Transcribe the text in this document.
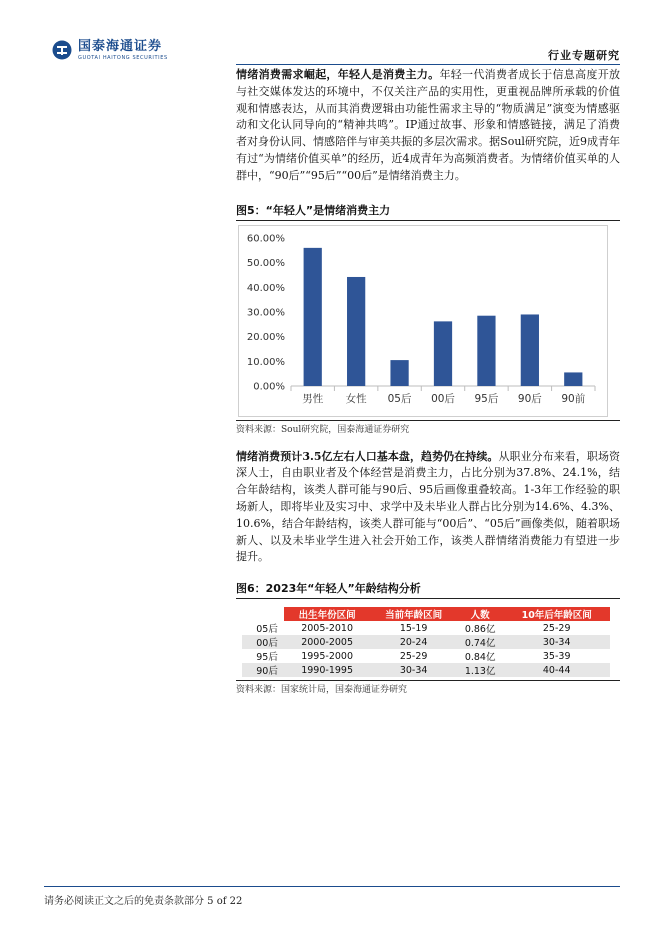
国泰海通证券
GUOTAI HAITONG SECURITIES	行业专题研究

情绪消费需求崛起，年轻人是消费主力。年轻一代消费者成长于信息高度开放与社交媒体发达的环境中，不仅关注产品的实用性，更重视品牌所承载的价值观和情感表达，从而其消费逻辑由功能性需求主导的“物质满足”演变为情感驱动和文化认同导向的“精神共鸣”。IP通过故事、形象和情感链接，满足了消费者对身份认同、情感陪伴与审美共振的多层次需求。据Soul研究院，近9成青年有过“为情绪价值买单”的经历，近4成青年为高频消费者。为情绪价值买单的人群中，“90后”“95后”“00后”是情绪消费主力。

图5：“年轻人”是情绪消费主力
0.00%
10.00%
20.00%
30.00%
40.00%
50.00%
60.00%
男性 女性 05后 00后 95后 90后 90前
资料来源：Soul研究院，国泰海通证券研究

情绪消费预计3.5亿左右人口基本盘，趋势仍在持续。从职业分布来看，职场资深人士，自由职业者及个体经营是消费主力，占比分别为37.8%、24.1%，结合年龄结构，该类人群可能与90后、95后画像重叠较高。1-3年工作经验的职场新人，即将毕业及实习中、求学中及未毕业人群占比分别为14.6%、4.3%、10.6%，结合年龄结构，该类人群可能与“00后”、“05后”画像类似，随着职场新人、以及未毕业学生进入社会开始工作，该类人群情绪消费能力有望进一步提升。

图6：2023年“年轻人”年龄结构分析
	出生年份区间	当前年龄区间	人数	10年后年龄区间
05后	2005-2010	15-19	0.86亿	25-29
00后	2000-2005	20-24	0.74亿	30-34
95后	1995-2000	25-29	0.84亿	35-39
90后	1990-1995	30-34	1.13亿	40-44
资料来源：国家统计局，国泰海通证券研究
请务必阅读正文之后的免责条款部分 5 of 22
